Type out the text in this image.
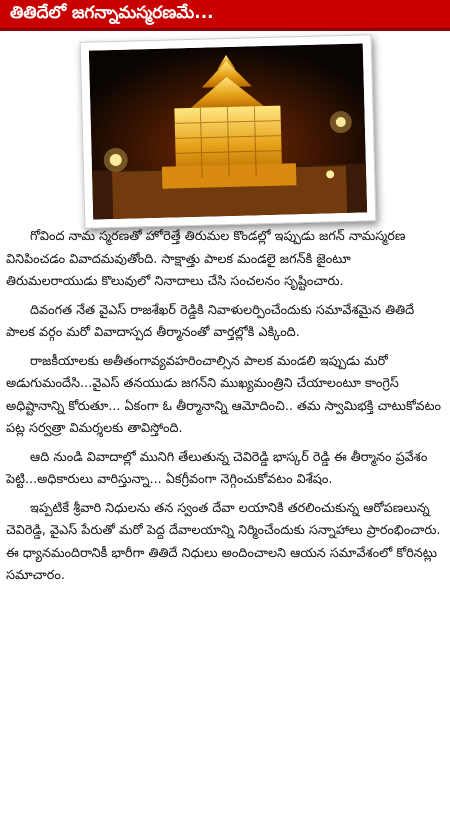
తితిదేలో జగన్నామస్మరణమే...

గోవింద నామ స్మరణతో హోరెత్తే తిరుమల కొండల్లో ఇప్పుడు జగన్ నామస్మరణ వినిపించడం వివాదమవుతోంది. సాక్షాత్తు పాలక మండలై జగన్‌కి జైంటూ తిరుమలరాయుడు కొలువులో నినాదాలు చేసి సంచలనం సృష్టించారు.

దివంగత నేత వైఎస్ రాజశేఖర్ రెడ్డికి నివాళులర్పించేందుకు సమావేశమైన తితిదే పాలక వర్గం మరో వివాదాస్పద తీర్మానంతో వార్తల్లోకి ఎక్కింది.

రాజకీయాలకు అతీతంగావ్యవహరించాల్సిన పాలక మండలి ఇప్పుడు మరో అడుగుమందేసి...వైఎస్ తనయుడు జగన్‌ని ముఖ్యమంత్రిని చేయాలంటూ కాంగ్రెస్ అధిష్టానాన్ని కోరుతూ... ఏకంగా ఓ తీర్మానాన్ని ఆమోదించి.. తమ స్వామిభక్తి చాటుకోవటం పట్ల సర్వత్రా విమర్శలకు తావిస్తోంది.

ఆది నుండి వివాదాల్లో మునిగి తేలుతున్న చెవిరెడ్డి భాస్కర్ రెడ్డి ఈ తీర్మానం ప్రవేశం పెట్టి...అధికారులు వారిస్తున్నా... ఏకగ్రీవంగా నెగ్గించుకోవటం విశేషం.

ఇప్పటికే శ్రీవారి నిధులను తన స్వంత దేవా లయానికి తరలించుకున్న ఆరోపణలున్న చెవిరెడ్డి, వైఎస్ పేరుతో మరో పెద్ద దేవాలయాన్ని నిర్మించేందుకు సన్నాహాలు ప్రారంభించారు. ఈ ధ్యానమందిరానికీ భారీగా తితిదే నిధులు అందించాలని ఆయన సమావేశంలో కోరినట్లు సమాచారం.
